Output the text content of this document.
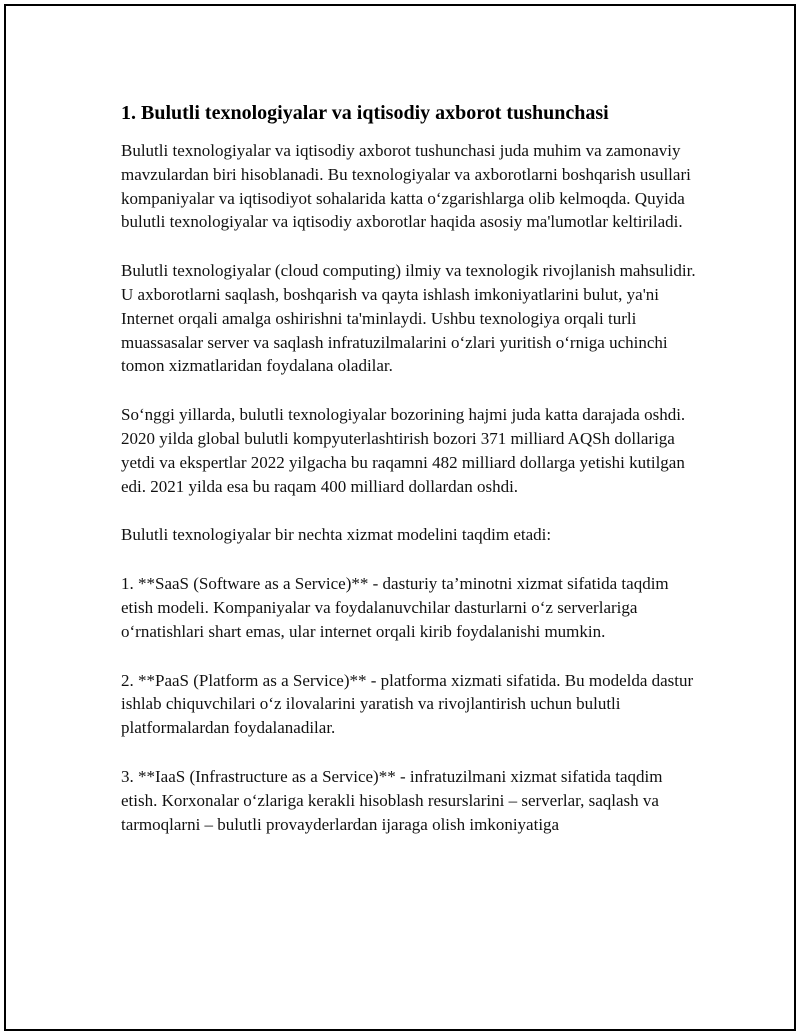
1. Bulutli texnologiyalar va iqtisodiy axborot tushunchasi

Bulutli texnologiyalar va iqtisodiy axborot tushunchasi juda muhim va zamonaviy mavzulardan biri hisoblanadi. Bu texnologiyalar va axborotlarni boshqarish usullari kompaniyalar va iqtisodiyot sohalarida katta o‘zgarishlarga olib kelmoqda. Quyida bulutli texnologiyalar va iqtisodiy axborotlar haqida asosiy ma'lumotlar keltiriladi.

Bulutli texnologiyalar (cloud computing) ilmiy va texnologik rivojlanish mahsulidir. U axborotlarni saqlash, boshqarish va qayta ishlash imkoniyatlarini bulut, ya'ni Internet orqali amalga oshirishni ta'minlaydi. Ushbu texnologiya orqali turli muassasalar server va saqlash infratuzilmalarini o‘zlari yuritish o‘rniga uchinchi tomon xizmatlaridan foydalana oladilar.

So‘nggi yillarda, bulutli texnologiyalar bozorining hajmi juda katta darajada oshdi. 2020 yilda global bulutli kompyuterlashtirish bozori 371 milliard AQSh dollariga yetdi va ekspertlar 2022 yilgacha bu raqamni 482 milliard dollarga yetishi kutilgan edi. 2021 yilda esa bu raqam 400 milliard dollardan oshdi.

Bulutli texnologiyalar bir nechta xizmat modelini taqdim etadi:

1. **SaaS (Software as a Service)** - dasturiy ta’minotni xizmat sifatida taqdim etish modeli. Kompaniyalar va foydalanuvchilar dasturlarni o‘z serverlariga o‘rnatishlari shart emas, ular internet orqali kirib foydalanishi mumkin.

2. **PaaS (Platform as a Service)** - platforma xizmati sifatida. Bu modelda dastur ishlab chiquvchilari o‘z ilovalarini yaratish va rivojlantirish uchun bulutli platformalardan foydalanadilar.

3. **IaaS (Infrastructure as a Service)** - infratuzilmani xizmat sifatida taqdim etish. Korxonalar o‘zlariga kerakli hisoblash resurslarini – serverlar, saqlash va tarmoqlarni – bulutli provayderlardan ijaraga olish imkoniyatiga
